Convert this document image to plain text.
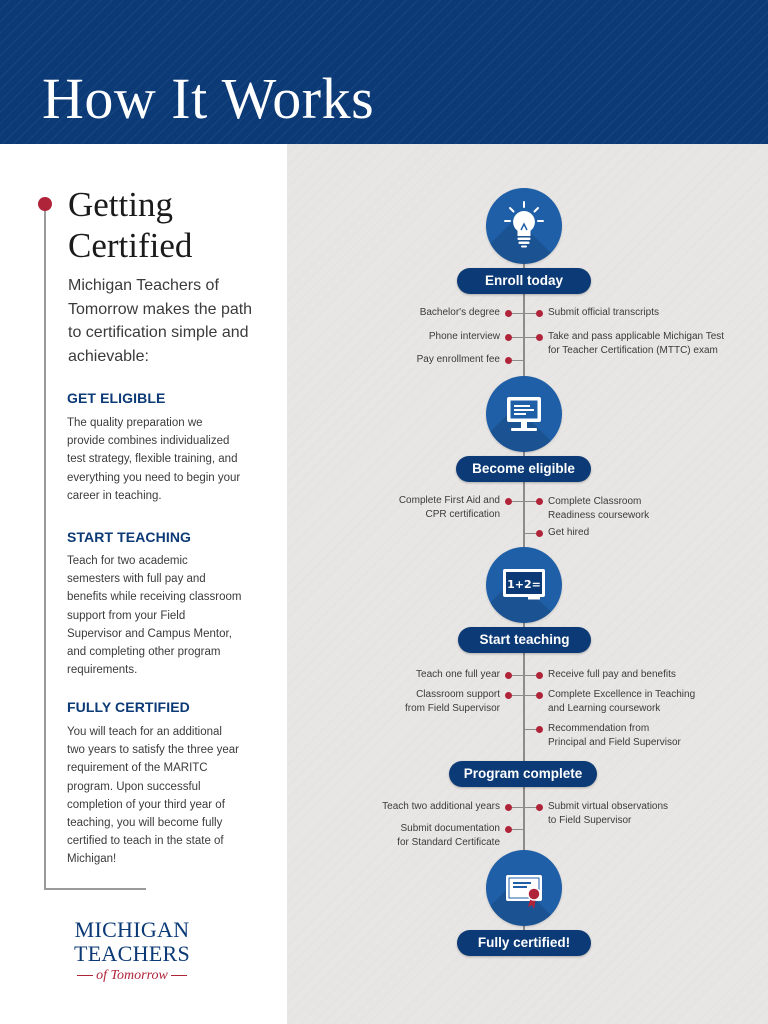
How It Works
Getting
Certified
Michigan Teachers of Tomorrow makes the path to certification simple and achievable:
GET ELIGIBLE
The quality preparation we provide combines individualized test strategy, flexible training, and everything you need to begin your career in teaching.
START TEACHING
Teach for two academic semesters with full pay and benefits while receiving classroom support from your Field Supervisor and Campus Mentor, and completing other program requirements.
FULLY CERTIFIED
You will teach for an additional two years to satisfy the three year requirement of the MARITC program. Upon successful completion of your third year of teaching, you will become fully certified to teach in the state of Michigan!
MICHIGAN
TEACHERS
of Tomorrow
Enroll today
Bachelor's degree
Phone interview
Pay enrollment fee
Submit official transcripts
Take and pass applicable Michigan Test
for Teacher Certification (MTTC) exam
Become eligible
Complete First Aid and
CPR certification
Complete Classroom
Readiness coursework
Get hired
1+2=
Start teaching
Teach one full year
Classroom support
from Field Supervisor
Receive full pay and benefits
Complete Excellence in Teaching
and Learning coursework
Recommendation from
Principal and Field Supervisor
Program complete
Teach two additional years
Submit documentation
for Standard Certificate
Submit virtual observations
to Field Supervisor
Fully certified!
